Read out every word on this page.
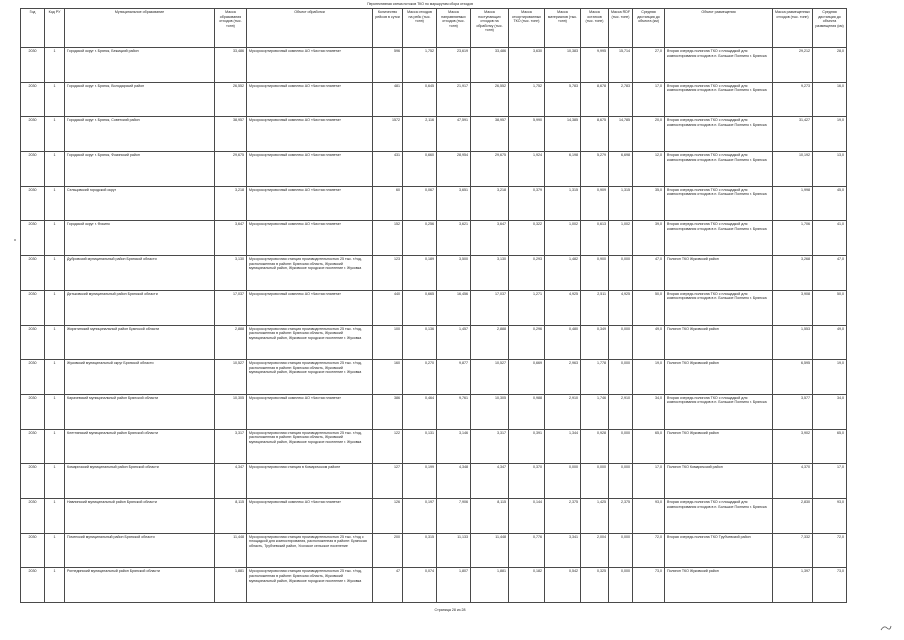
Перспективная схема потоков ТКО по маршрутам сбора отходов
Год	Код РУ	Муниципальное образование	Масса образования отходов (тыс. тонн)	Объект обработки	Количество рейсов в сутки	Масса отходов на рейс (тыс. тонн)	Масса направляемых отходов (тыс. тонн)	Масса поступающих отходов на обработку (тыс. тонн)	Масса отсортированных ТКО (тыс. тонн)	Масса материалов (тыс. тонн)	Масса остатков (тыс. тонн)	Масса RDF (тыс. тонн)	Средняя дистанция до объекта (км)	Объект размещения	Масса размещенных отходов (тыс. тонн)	Средняя дистанция до объекта размещения (км)
2030	1	Городской округ г. Брянск, Бежицкий район	33,486	Мусоросортировочный комплекс АО «Чистая планета»	596	1,752	23,619	33,486	3,630	10,383	9,995	15,714	27,0	Вторая очередь полигона ТКО с площадкой для компостирования отходов в п. Большое Полпино г. Брянска	29,212	28,0
2030	1	Городской округ г. Брянск, Володарский район	26,552	Мусоросортировочный комплекс АО «Чистая планета»	481	0,645	21,917	26,552	1,752	5,783	8,678	2,783	17,0	Вторая очередь полигона ТКО с площадкой для компостирования отходов в п. Большое Полпино г. Брянска	9,273	16,0
2030	1	Городской округ г. Брянск, Советский район	38,957	Мусоросортировочный комплекс АО «Чистая планета»	1572	2,116	47,591	38,957	5,990	14,385	8,675	14,785	20,0	Вторая очередь полигона ТКО с площадкой для компостирования отходов в п. Большое Полпино г. Брянска	31,427	19,0
2030	1	Городской округ г. Брянск, Фокинский район	29,675	Мусоросортировочный комплекс АО «Чистая планета»	431	0,660	28,954	29,675	1,924	6,198	5,279	6,698	12,0	Вторая очередь полигона ТКО с площадкой для компостирования отходов в п. Большое Полпино г. Брянска	10,192	13,0
2030	1	Сельцовский городской округ	3,218	Мусоросортировочный комплекс АО «Чистая планета»	60	0,067	3,651	3,218	0,379	1,315	0,909	1,315	35,0	Вторая очередь полигона ТКО с площадкой для компостирования отходов в п. Большое Полпино г. Брянска	1,998	45,0
2030	1	Городской округ г. Фокино	3,647	Мусоросортировочный комплекс АО «Чистая планета»	152	0,256	3,621	3,647	0,322	1,002	0,613	1,002	39,0	Вторая очередь полигона ТКО с площадкой для компостирования отходов в п. Большое Полпино г. Брянска	1,706	41,0
2030	1	Дубровский муниципальный район Брянской области	3,130	Мусоросортировочная станция производительностью 25 тыс. т/год, расположенная в районе: Брянская область, Жуковский муниципальный район, Жуковское городское поселение г. Жуковка	123	0,189	3,500	3,130	0,293	1,482	0,900	0,000	47,0	Полигон ТКО Жуковский район	3,268	47,0
2030	1	Дятьковский муниципальный район Брянской области	17,037	Мусоросортировочный комплекс АО «Чистая планета»	440	0,665	16,456	17,037	1,271	4,925	2,511	4,925	50,0	Вторая очередь полигона ТКО с площадкой для компостирования отходов в п. Большое Полпино г. Брянска	3,908	50,0
2030	1	Жирятинский муниципальный район Брянской области	2,888	Мусоросортировочная станция производительностью 25 тыс. т/год, расположенная в районе: Брянская область, Жуковский муниципальный район, Жуковское городское поселение г. Жуковка	100	0,136	1,457	2,888	0,296	0,480	0,349	0,000	49,0	Полигон ТКО Жуковский район	1,553	49,0
2030	1	Жуковский муниципальный округ Брянской области	10,527	Мусоросортировочная станция производительностью 25 тыс. т/год, расположенная в районе: Брянская область, Жуковский муниципальный район, Жуковское городское поселение г. Жуковка	160	0,270	9,877	10,527	0,669	2,963	1,778	0,000	19,0	Полигон ТКО Жуковский район	6,595	19,0
2030	1	Карачевский муниципальный район Брянской области	10,305	Мусоросортировочный комплекс АО «Чистая планета»	386	0,464	9,761	10,305	0,988	2,910	1,746	2,910	34,0	Вторая очередь полигона ТКО с площадкой для компостирования отходов в п. Большое Полпино г. Брянска	3,577	34,0
2030	1	Клетнянский муниципальный район Брянской области	3,317	Мусоросортировочная станция производительностью 25 тыс. т/год, расположенная в районе: Брянская область, Жуковский муниципальный район, Жуковское городское поселение г. Жуковка	122	0,131	3,146	3,317	0,391	1,344	0,928	0,000	65,0	Полигон ТКО Жуковский район	3,902	65,0
2030	1	Комаричский муниципальный район Брянской области	4,347	Мусоросортировочная станция в Комаричском районе	127	0,199	4,348	4,347	0,370	0,000	0,000	0,000	17,0	Полигон ТКО Комаричский район	4,370	17,0
2030	1	Навлинский муниципальный район Брянской области	8,115	Мусоросортировочный комплекс АО «Чистая планета»	126	0,197	7,906	8,115	0,144	2,375	1,425	2,375	93,0	Вторая очередь полигона ТКО с площадкой для компостирования отходов в п. Большое Полпино г. Брянска	2,830	93,0
2030	1	Почепский муниципальный район Брянской области	11,448	Мусоросортировочная станция производительностью 25 тыс. т/год с площадкой для компостирования, расположенная в районе: Брянская область, Трубчевский район, Усохское сельское поселение	200	0,315	11,133	11,448	0,776	3,341	2,004	0,000	72,0	Вторая очередь полигона ТКО Трубчевский район	7,332	72,0
2030	1	Рогнединский муниципальный район Брянской области	1,881	Мусоросортировочная станция производительностью 25 тыс. т/год, расположенная в районе: Брянская область, Жуковский муниципальный район, Жуковское городское поселение г. Жуковка	47	0,074	1,807	1,881	0,182	0,542	0,325	0,000	73,0	Полигон ТКО Жуковский район	1,397	73,0
Страница 28 из 28
